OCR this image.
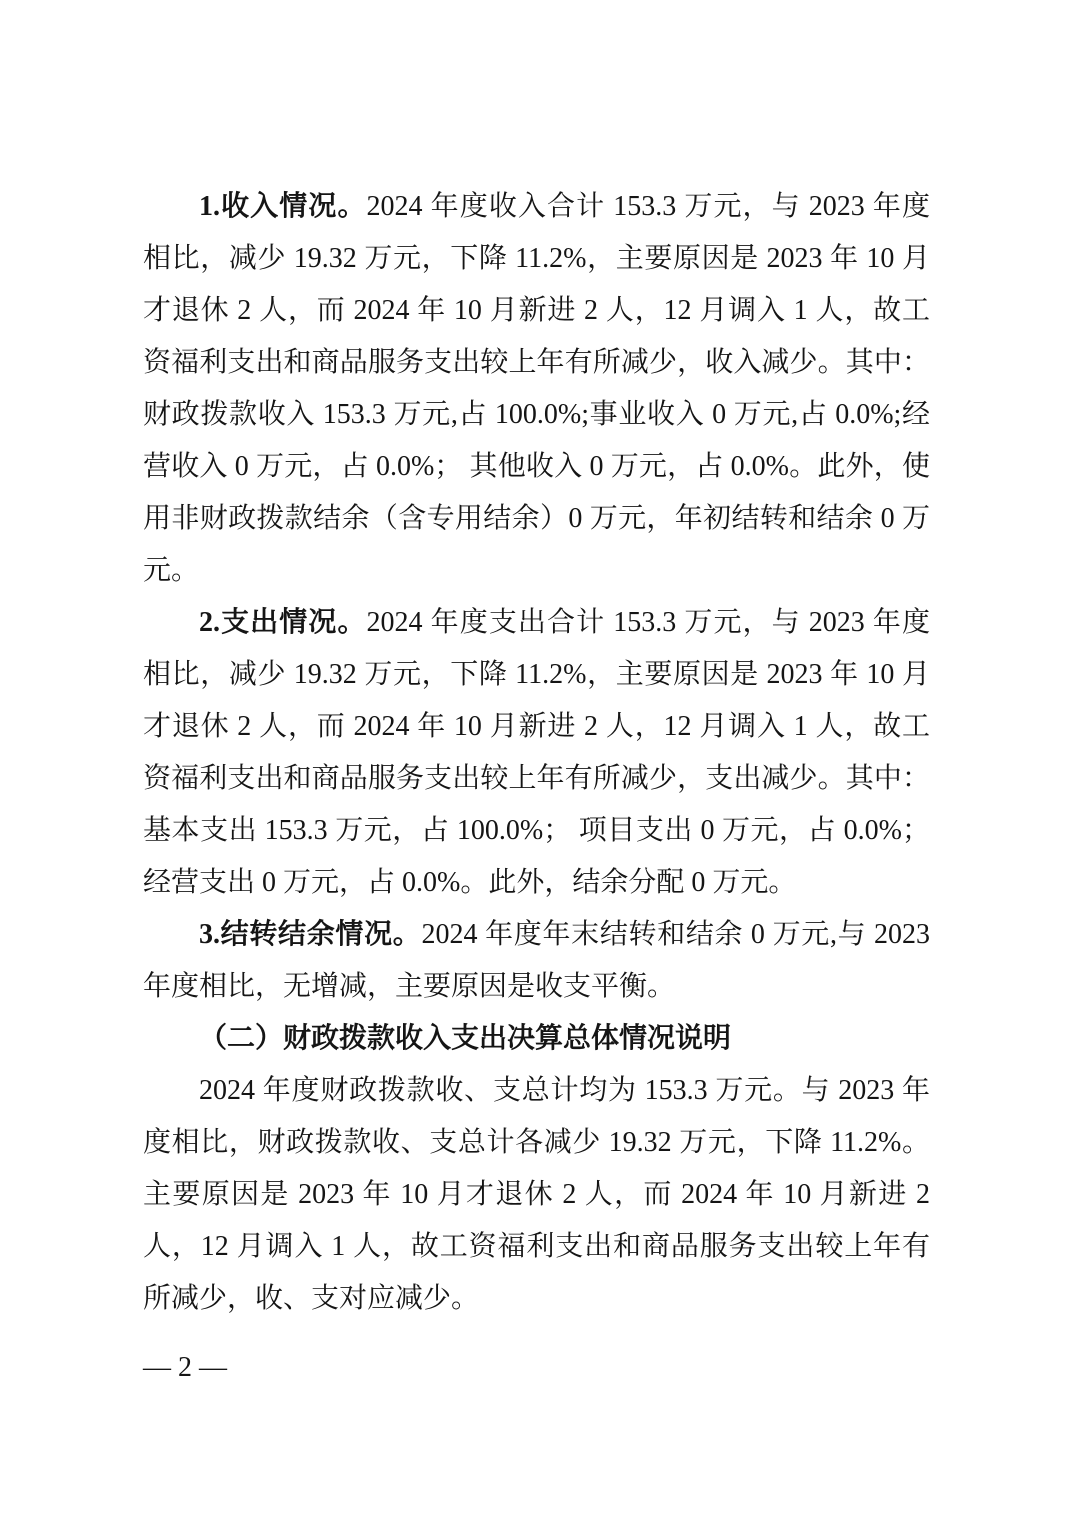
1.收入情况。2024 年度收入合计 153.3 万元，与 2023 年度相比，减少 19.32 万元，下降 11.2%，主要原因是 2023 年 10 月才退休 2 人，而 2024 年 10 月新进 2 人，12 月调入 1 人，故工资福利支出和商品服务支出较上年有所减少，收入减少。其中：财政拨款收入 153.3 万元,占 100.0%;事业收入 0 万元,占 0.0%;经营收入 0 万元，占 0.0%； 其他收入 0 万元，占 0.0%。此外，使用非财政拨款结余（含专用结余）0 万元，年初结转和结余 0 万元。

2.支出情况。2024 年度支出合计 153.3 万元，与 2023 年度相比，减少 19.32 万元，下降 11.2%，主要原因是 2023 年 10 月才退休 2 人，而 2024 年 10 月新进 2 人，12 月调入 1 人，故工资福利支出和商品服务支出较上年有所减少，支出减少。其中：基本支出 153.3 万元，占 100.0%； 项目支出 0 万元，占 0.0%；经营支出 0 万元，占 0.0%。此外，结余分配 0 万元。

3.结转结余情况。2024 年度年末结转和结余 0 万元,与 2023 年度相比，无增减，主要原因是收支平衡。

（二）财政拨款收入支出决算总体情况说明

2024 年度财政拨款收、支总计均为 153.3 万元。与 2023 年度相比，财政拨款收、支总计各减少 19.32 万元，下降 11.2%。主要原因是 2023 年 10 月才退休 2 人，而 2024 年 10 月新进 2 人，12 月调入 1 人，故工资福利支出和商品服务支出较上年有所减少，收、支对应减少。

— 2 —
